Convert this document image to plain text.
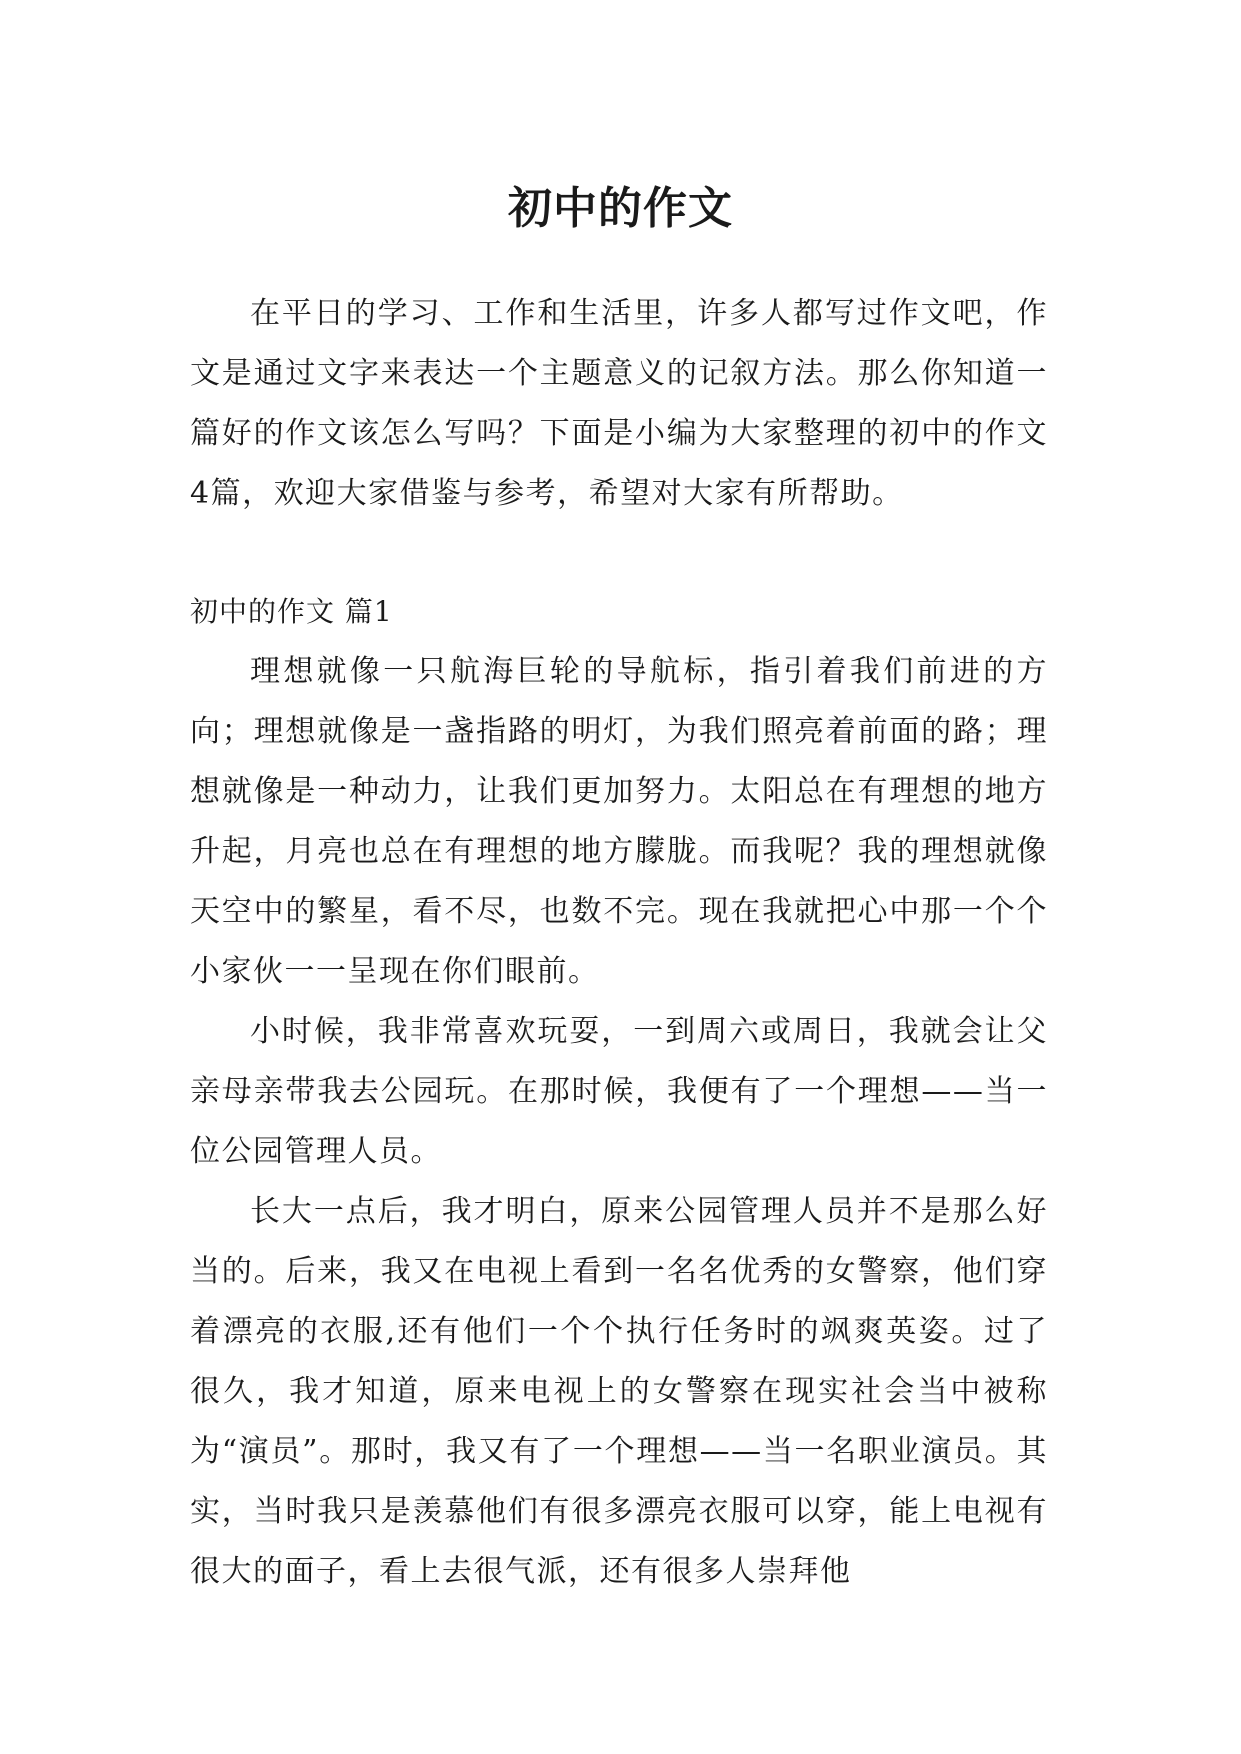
初中的作文

在平日的学习、工作和生活里，许多人都写过作文吧，作文是通过文字来表达一个主题意义的记叙方法。那么你知道一篇好的作文该怎么写吗？下面是小编为大家整理的初中的作文4篇，欢迎大家借鉴与参考，希望对大家有所帮助。

初中的作文 篇1

理想就像一只航海巨轮的导航标，指引着我们前进的方向；理想就像是一盏指路的明灯，为我们照亮着前面的路；理想就像是一种动力，让我们更加努力。太阳总在有理想的地方升起，月亮也总在有理想的地方朦胧。而我呢？我的理想就像天空中的繁星，看不尽，也数不完。现在我就把心中那一个个小家伙一一呈现在你们眼前。

小时候，我非常喜欢玩耍，一到周六或周日，我就会让父亲母亲带我去公园玩。在那时候，我便有了一个理想——当一位公园管理人员。

长大一点后，我才明白，原来公园管理人员并不是那么好当的。后来，我又在电视上看到一名名优秀的女警察，他们穿着漂亮的衣服,还有他们一个个执行任务时的飒爽英姿。过了很久，我才知道，原来电视上的女警察在现实社会当中被称为“演员”。那时，我又有了一个理想——当一名职业演员。其实，当时我只是羡慕他们有很多漂亮衣服可以穿，能上电视有很大的面子，看上去很气派，还有很多人崇拜他
